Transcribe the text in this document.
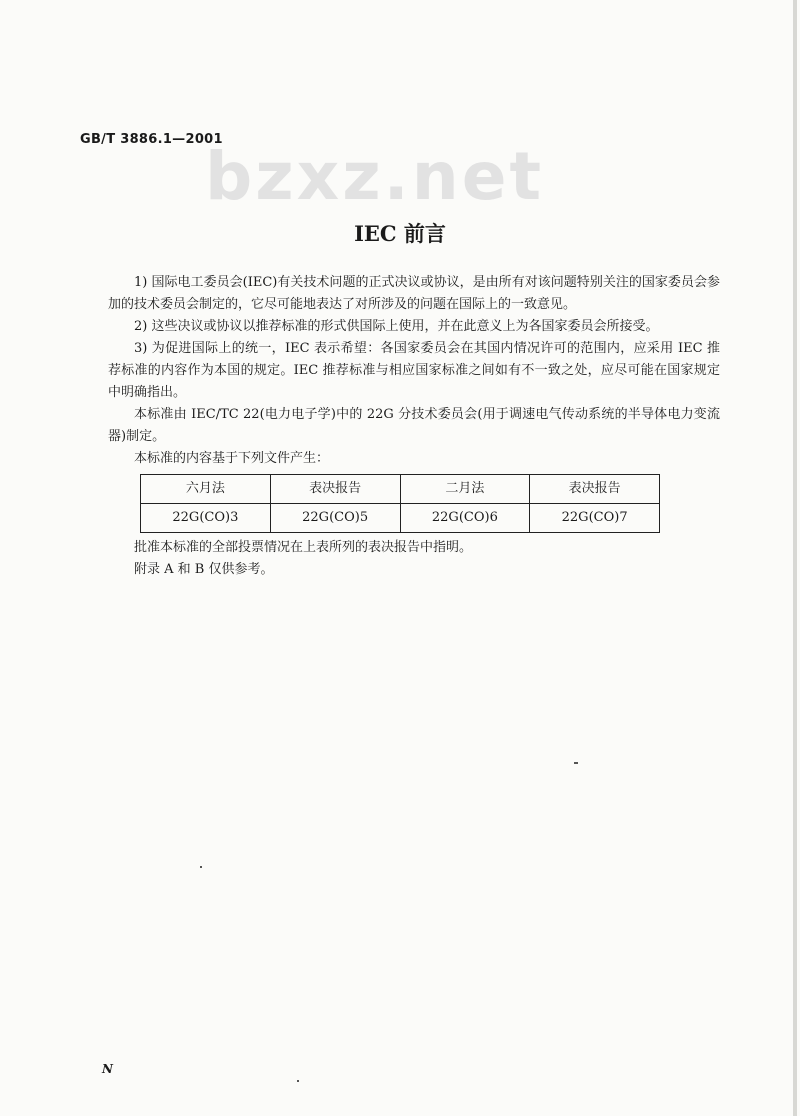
GB/T 3886.1—2001
bzxz.net
IEC 前言

1) 国际电工委员会(IEC)有关技术问题的正式决议或协议，是由所有对该问题特别关注的国家委员会参加的技术委员会制定的，它尽可能地表达了对所涉及的问题在国际上的一致意见。

2) 这些决议或协议以推荐标准的形式供国际上使用，并在此意义上为各国家委员会所接受。

3) 为促进国际上的统一，IEC 表示希望：各国家委员会在其国内情况许可的范围内，应采用 IEC 推荐标准的内容作为本国的规定。IEC 推荐标准与相应国家标准之间如有不一致之处，应尽可能在国家规定中明确指出。

本标准由 IEC/TC 22(电力电子学)中的 22G 分技术委员会(用于调速电气传动系统的半导体电力变流器)制定。

本标准的内容基于下列文件产生：

六月法	表决报告	二月法	表决报告
22G(CO)3	22G(CO)5	22G(CO)6	22G(CO)7

批准本标准的全部投票情况在上表所列的表决报告中指明。

附录 A 和 B 仅供参考。

N
